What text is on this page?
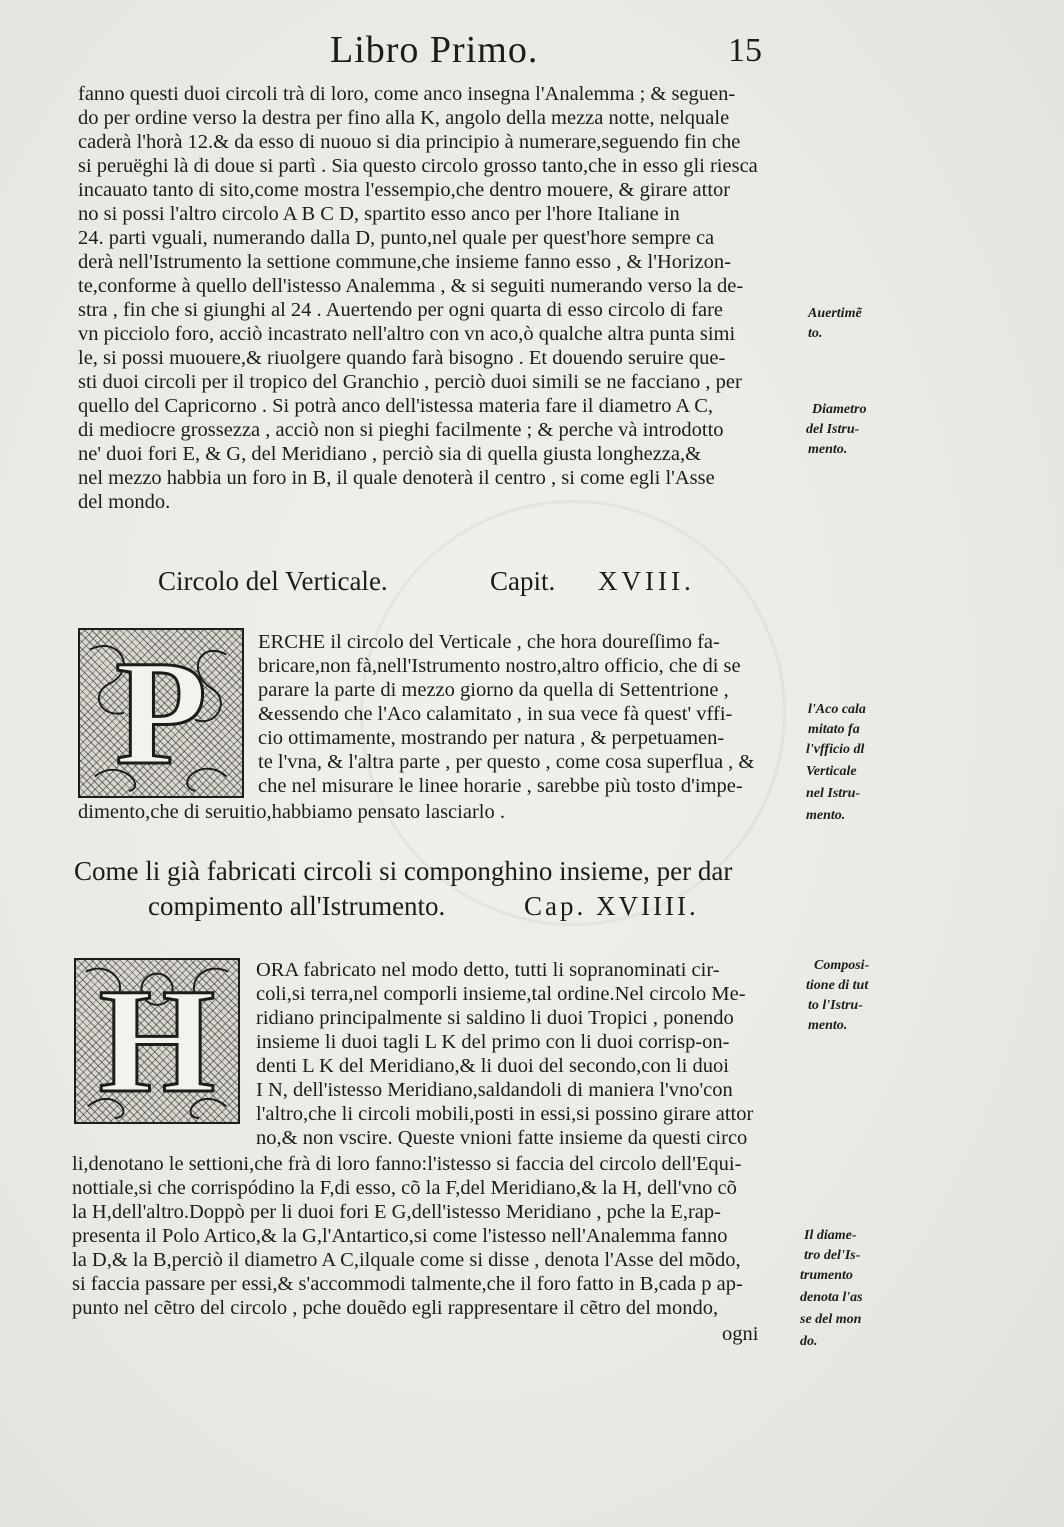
Libro Primo.	15
fanno questi duoi circoli trà di loro, come anco insegna l'Analemma ; & seguen-
do per ordine verso la destra per fino alla K, angolo della mezza notte, nelquale
caderà l'horà 12.& da esso di nuouo si dia principio à numerare,seguendo fin che
si peruëghi là di doue si partì . Sia questo circolo grosso tanto,che in esso gli riesca
incauato tanto di sito,come mostra l'essempio,che dentro mouere, & girare attor
no si possi l'altro circolo A B C D, spartito esso anco per l'hore Italiane in
24. parti vguali, numerando dalla D, punto,nel quale per quest'hore sempre ca
derà nell'Istrumento la settione commune,che insieme fanno esso , & l'Horizon-
te,conforme à quello dell'istesso Analemma , & si seguiti numerando verso la de-
stra , fin che si giunghi al 24 . Auertendo per ogni quarta di esso circolo di fare
vn picciolo foro, acciò incastrato nell'altro con vn aco,ò qualche altra punta simi
le, si possi muouere,& riuolgere quando farà bisogno . Et douendo seruire que-
sti duoi circoli per il tropico del Granchio , perciò duoi simili se ne facciano , per
quello del Capricorno . Si potrà anco dell'istessa materia fare il diametro A C,
di mediocre grossezza , acciò non si pieghi facilmente ; & perche và introdotto
ne' duoi fori E, & G, del Meridiano , perciò sia di quella giusta longhezza,&
nel mezzo habbia un foro in B, il quale denoterà il centro , si come egli l'Asse
del mondo.
Auertimẽ
to.
Diametro
del Istru-
mento.
Circolo del Verticale.	Capit. XVIII.
P	ERCHE il circolo del Verticale , che hora doureſſimo fa-
bricare,non fà,nell'Istrumento nostro,altro officio, che di se
parare la parte di mezzo giorno da quella di Settentrione ,
&essendo che l'Aco calamitato , in sua vece fà quest' vffi-
cio ottimamente, mostrando per natura , & perpetuamen-
te l'vna, & l'altra parte , per questo , come cosa superflua , &
che nel misurare le linee horarie , sarebbe più tosto d'impe-
dimento,che di seruitio,habbiamo pensato lasciarlo .
l'Aco cala
mitato fa
l'vfficio dl
Verticale
nel Istru-
mento.
Come li già fabricati circoli si componghino insieme, per dar
compimento all'Istrumento.	Cap. XVIIII.
H	ORA fabricato nel modo detto, tutti li sopranominati cir-
coli,si terra,nel comporli insieme,tal ordine.Nel circolo Me-
ridiano principalmente si saldino li duoi Tropici , ponendo
insieme li duoi tagli L K del primo con li duoi corrisp-on-
denti L K del Meridiano,& li duoi del secondo,con li duoi
I N, dell'istesso Meridiano,saldandoli di maniera l'vno'con
l'altro,che li circoli mobili,posti in essi,si possino girare attor
no,& non vscire. Queste vnioni fatte insieme da questi circo
li,denotano le settioni,che frà di loro fanno:l'istesso si faccia del circolo dell'Equi-
nottiale,si che corrispódino la F,di esso, cõ la F,del Meridiano,& la H, dell'vno cõ
la H,dell'altro.Doppò per li duoi fori E G,dell'istesso Meridiano , pche la E,rap-
presenta il Polo Artico,& la G,l'Antartico,si come l'istesso nell'Analemma fanno
la D,& la B,perciò il diametro A C,ilquale come si disse , denota l'Asse del mõdo,
si faccia passare per essi,& s'accommodi talmente,che il foro fatto in B,cada p ap-
punto nel cẽtro del circolo , pche douẽdo egli rappresentare il cẽtro del mondo,
ogni
Composi-
tione di tut
to l'Istru-
mento.
Il diame-
tro del'Is-
trumento
denota l'as
se del mon
do.
